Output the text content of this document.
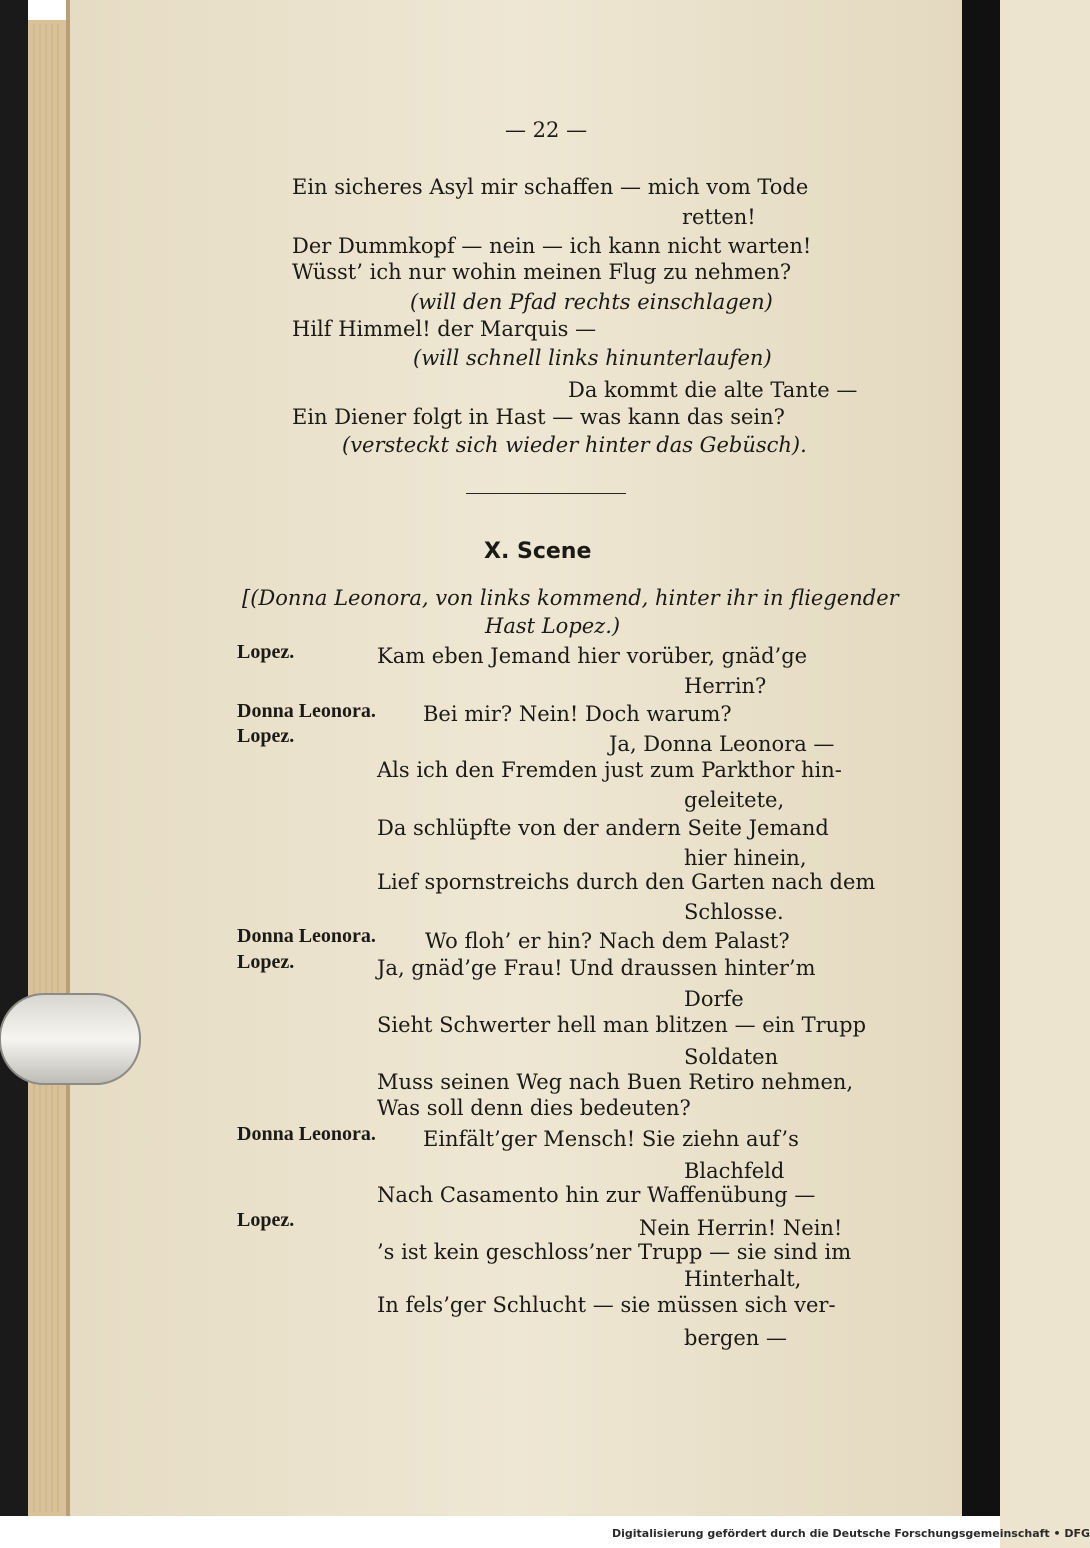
— 22 —
Ein sicheres Asyl mir schaffen — mich vom Tode
retten!
Der Dummkopf — nein — ich kann nicht warten!
Wüsst’ ich nur wohin meinen Flug zu nehmen?
(will den Pfad rechts einschlagen)
Hilf Himmel! der Marquis —
(will schnell links hinunterlaufen)
Da kommt die alte Tante —
Ein Diener folgt in Hast — was kann das sein?
(versteckt sich wieder hinter das Gebüsch).
X. Scene
[(Donna Leonora, von links kommend, hinter ihr in fliegender
Hast Lopez.)
Lopez.	Kam eben Jemand hier vorüber, gnäd’ge
Herrin?
Donna Leonora. Bei mir? Nein! Doch warum?
Lopez.	Ja, Donna Leonora —
Als ich den Fremden just zum Parkthor hin-
geleitete,
Da schlüpfte von der andern Seite Jemand
hier hinein,
Lief spornstreichs durch den Garten nach dem
Schlosse.
Donna Leonora. Wo floh’ er hin? Nach dem Palast?
Lopez.	Ja, gnäd’ge Frau! Und draussen hinter’m
Dorfe
Sieht Schwerter hell man blitzen — ein Trupp
Soldaten
Muss seinen Weg nach Buen Retiro nehmen,
Was soll denn dies bedeuten?
Donna Leonora. Einfält’ger Mensch! Sie ziehn auf’s
Blachfeld
Nach Casamento hin zur Waffenübung —
Lopez.	Nein Herrin! Nein!
’s ist kein geschloss’ner Trupp — sie sind im
Hinterhalt,
In fels’ger Schlucht — sie müssen sich ver-
bergen —
Digitalisierung gefördert durch die Deutsche Forschungsgemeinschaft • DFG
